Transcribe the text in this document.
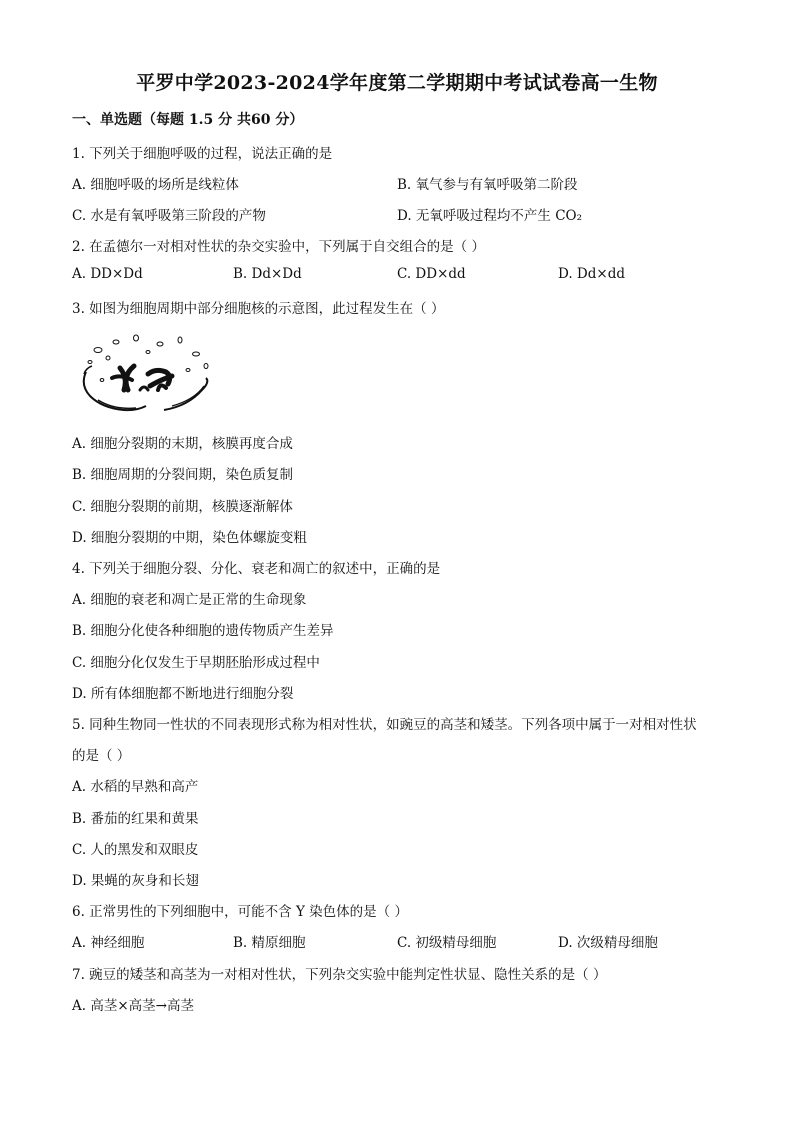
平罗中学2023-2024学年度第二学期期中考试试卷高一生物
一、单选题（每题 1.5 分 共60 分）
1. 下列关于细胞呼吸的过程，说法正确的是
A. 细胞呼吸的场所是线粒体	B. 氧气参与有氧呼吸第二阶段
C. 水是有氧呼吸第三阶段的产物	D. 无氧呼吸过程均不产生 CO₂
2. 在孟德尔一对相对性状的杂交实验中，下列属于自交组合的是（ ）
A. DD×Dd	B. Dd×Dd	C. DD×dd	D. Dd×dd
3. 如图为细胞周期中部分细胞核的示意图，此过程发生在（ ）
A. 细胞分裂期的末期，核膜再度合成
B. 细胞周期的分裂间期，染色质复制
C. 细胞分裂期的前期，核膜逐渐解体
D. 细胞分裂期的中期，染色体螺旋变粗
4. 下列关于细胞分裂、分化、衰老和凋亡的叙述中，正确的是
A. 细胞的衰老和凋亡是正常的生命现象
B. 细胞分化使各种细胞的遗传物质产生差异
C. 细胞分化仅发生于早期胚胎形成过程中
D. 所有体细胞都不断地进行细胞分裂
5. 同种生物同一性状的不同表现形式称为相对性状，如豌豆的高茎和矮茎。下列各项中属于一对相对性状
的是（ ）
A. 水稻的早熟和高产
B. 番茄的红果和黄果
C. 人的黑发和双眼皮
D. 果蝇的灰身和长翅
6. 正常男性的下列细胞中，可能不含 Y 染色体的是（ ）
A. 神经细胞	B. 精原细胞	C. 初级精母细胞	D. 次级精母细胞
7. 豌豆的矮茎和高茎为一对相对性状，下列杂交实验中能判定性状显、隐性关系的是（ ）
A. 高茎×高茎→高茎
